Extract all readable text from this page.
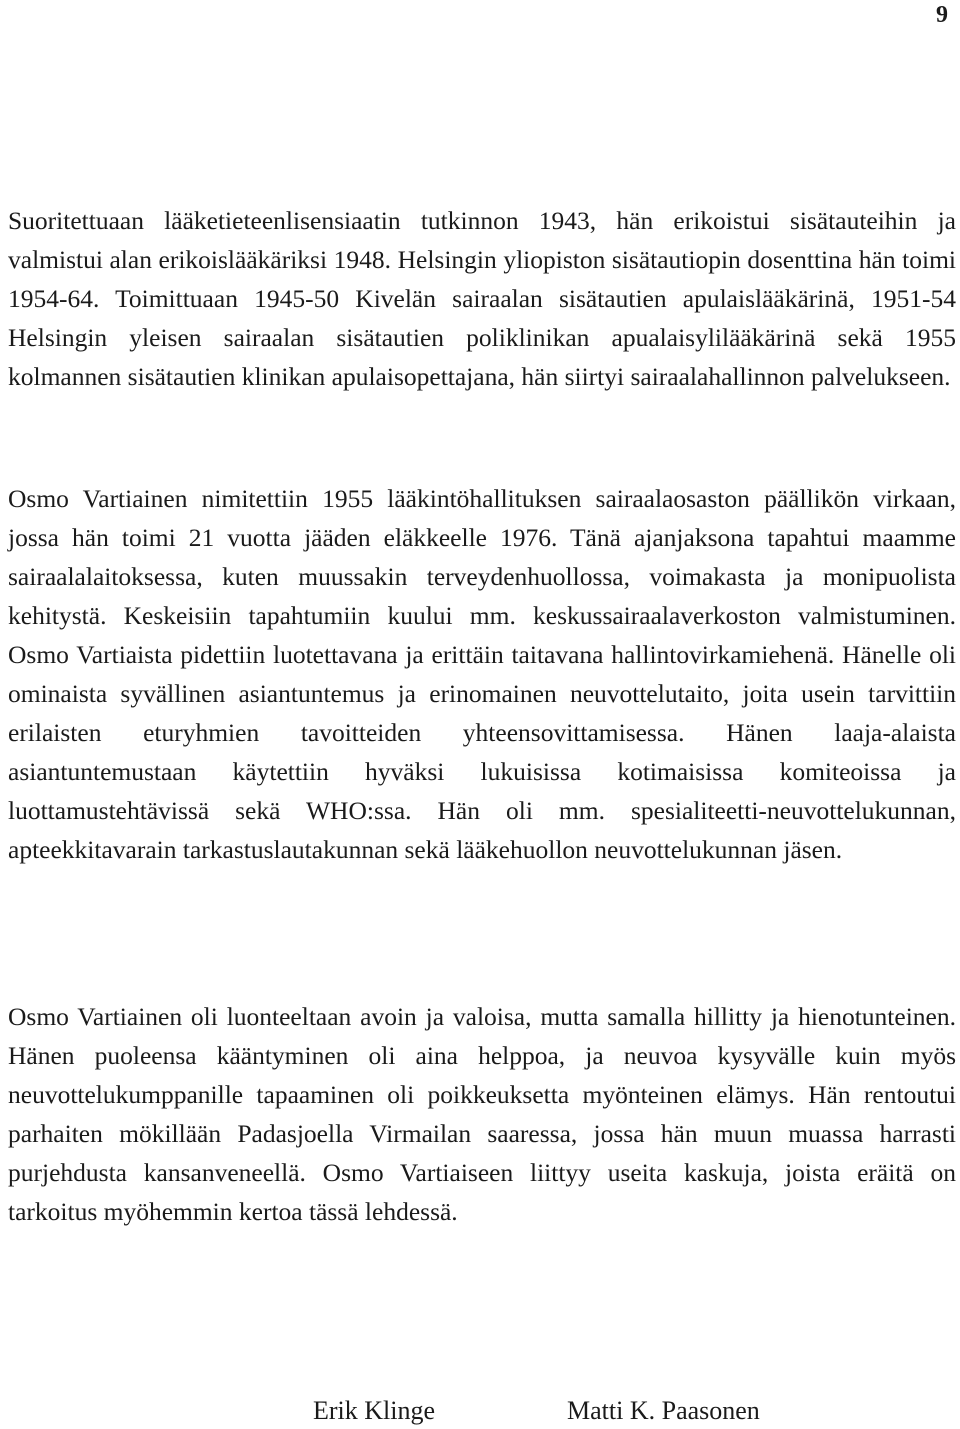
9

Suoritettuaan lääketieteenlisensiaatin tutkinnon 1943, hän erikoistui sisätauteihin ja valmistui alan erikoislääkäriksi 1948. Helsingin yliopiston sisätautiopin dosenttina hän toimi 1954-64. Toimittuaan 1945-50 Kivelän sairaalan sisätautien apulaislääkärinä, 1951-54 Helsingin yleisen sairaalan sisätautien poliklinikan apualaisylilääkärinä sekä 1955 kolmannen sisätautien klinikan apulaisopettajana, hän siirtyi sairaalahallinnon palvelukseen.

Osmo Vartiainen nimitettiin 1955 lääkintöhallituksen sairaalaosaston päällikön virkaan, jossa hän toimi 21 vuotta jääden eläkkeelle 1976. Tänä ajanjaksona tapahtui maamme sairaalalaitoksessa, kuten muussakin terveydenhuollossa, voimakasta ja monipuolista kehitystä. Keskeisiin tapahtumiin kuului mm. keskussairaalaverkoston valmistuminen. Osmo Vartiaista pidettiin luotettavana ja erittäin taitavana hallintovirkamiehenä. Hänelle oli ominaista syvällinen asiantuntemus ja erinomainen neuvottelutaito, joita usein tarvittiin erilaisten eturyhmien tavoitteiden yhteensovittamisessa. Hänen laaja-alaista asiantuntemustaan käytettiin hyväksi lukuisissa kotimaisissa komiteoissa ja luottamustehtävissä sekä WHO:ssa. Hän oli mm. spesialiteetti-neuvottelukunnan, apteekkitavarain tarkastuslautakunnan sekä lääkehuollon neuvottelukunnan jäsen.

Osmo Vartiainen oli luonteeltaan avoin ja valoisa, mutta samalla hillitty ja hienotunteinen. Hänen puoleensa kääntyminen oli aina helppoa, ja neuvoa kysyvälle kuin myös neuvottelukumppanille tapaaminen oli poikkeuksetta myönteinen elämys. Hän rentoutui parhaiten mökillään Padasjoella Virmailan saaressa, jossa hän muun muassa harrasti purjehdusta kansanveneellä. Osmo Vartiaiseen liittyy useita kaskuja, joista eräitä on tarkoitus myöhemmin kertoa tässä lehdessä.

Erik Klinge	Matti K. Paasonen
